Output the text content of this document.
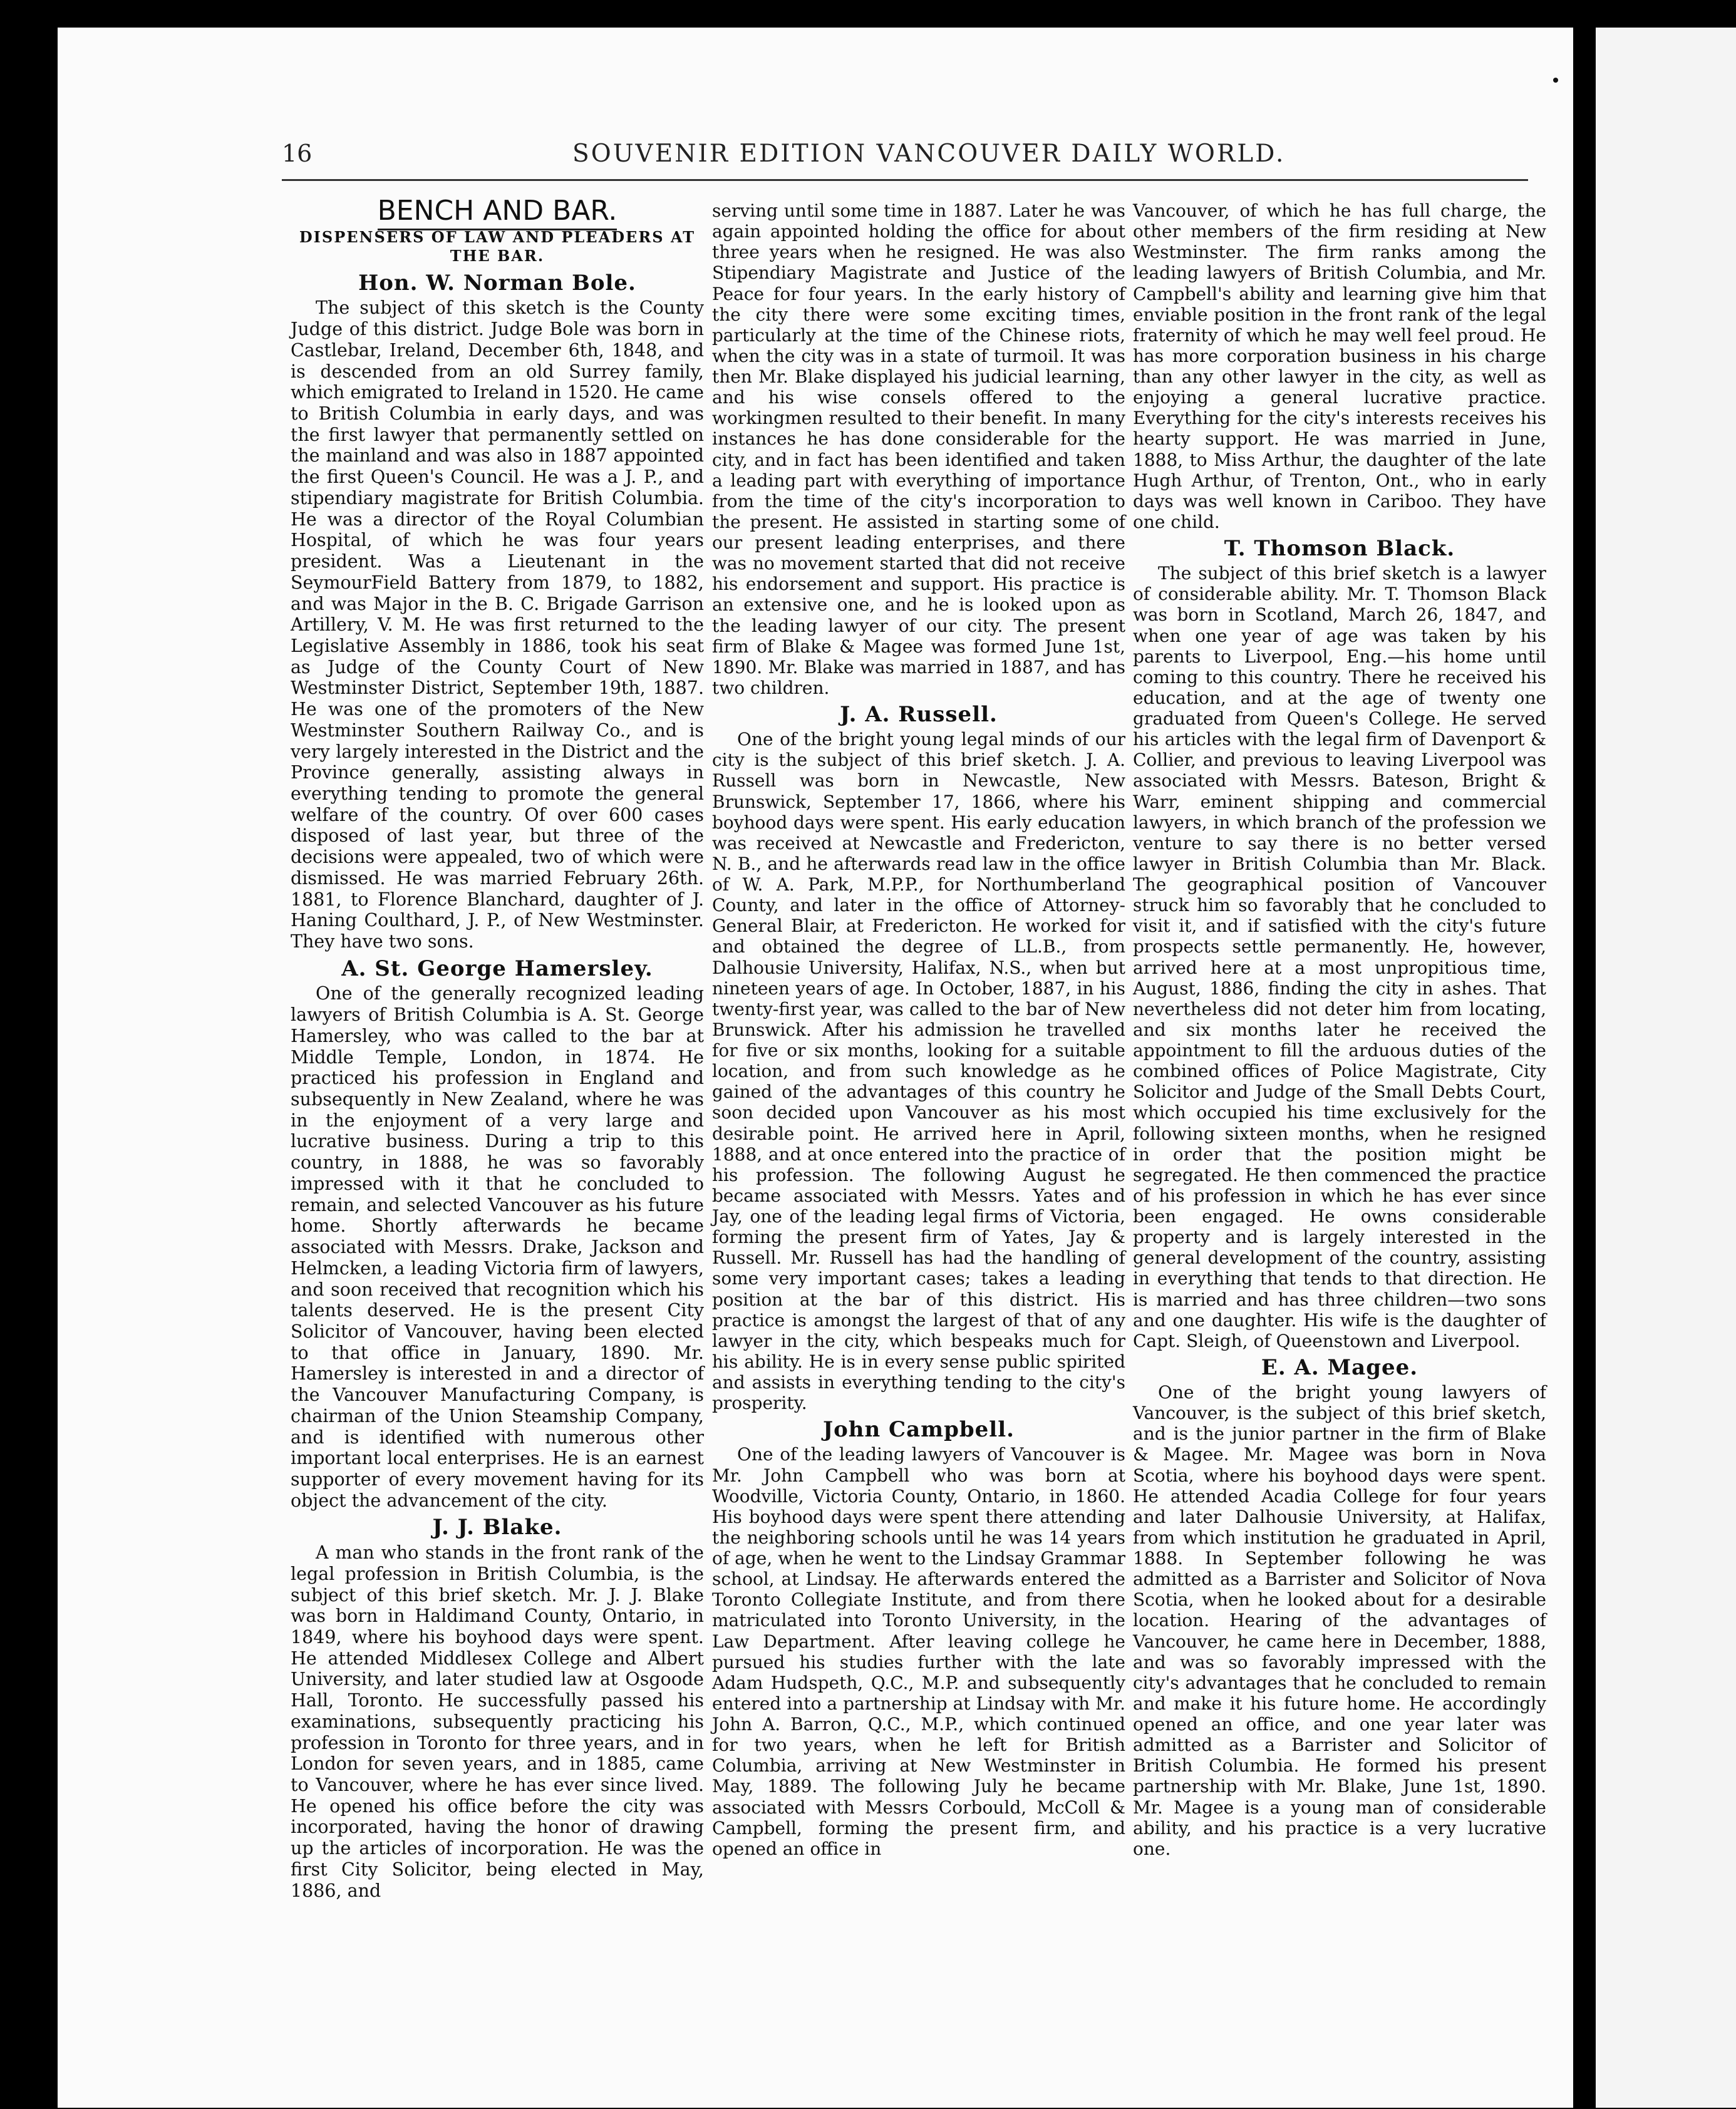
16	SOUVENIR EDITION VANCOUVER DAILY WORLD.
BENCH AND BAR.
DISPENSERS OF LAW AND PLEADERS AT THE BAR.
Hon. W. Norman Bole.

The subject of this sketch is the County Judge of this district. Judge Bole was born in Castlebar, Ireland, December 6th, 1848, and is descended from an old Surrey family, which emigrated to Ireland in 1520. He came to British Columbia in early days, and was the first lawyer that permanently settled on the mainland and was also in 1887 appointed the first Queen's Council. He was a J. P., and stipendiary magistrate for British Columbia. He was a director of the Royal Columbian Hospital, of which he was four years president. Was a Lieutenant in the SeymourField Battery from 1879, to 1882, and was Major in the B. C. Brigade Garrison Artillery, V. M. He was first returned to the Legislative Assembly in 1886, took his seat as Judge of the County Court of New Westminster District, September 19th, 1887. He was one of the promoters of the New Westminster Southern Railway Co., and is very largely interested in the District and the Province generally, assisting always in everything tending to promote the general welfare of the country. Of over 600 cases disposed of last year, but three of the decisions were appealed, two of which were dismissed. He was married February 26th. 1881, to Florence Blanchard, daughter of J. Haning Coulthard, J. P., of New Westminster. They have two sons.

A. St. George Hamersley.

One of the generally recognized leading lawyers of British Columbia is A. St. George Hamersley, who was called to the bar at Middle Temple, London, in 1874. He practiced his profession in England and subsequently in New Zealand, where he was in the enjoyment of a very large and lucrative business. During a trip to this country, in 1888, he was so favorably impressed with it that he concluded to remain, and selected Vancouver as his future home. Shortly afterwards he became associated with Messrs. Drake, Jackson and Helmcken, a leading Victoria firm of lawyers, and soon received that recognition which his talents deserved. He is the present City Solicitor of Vancouver, having been elected to that office in January, 1890. Mr. Hamersley is interested in and a director of the Vancouver Manufacturing Company, is chairman of the Union Steamship Company, and is identified with numerous other important local enterprises. He is an earnest supporter of every movement having for its object the advancement of the city.

J. J. Blake.

A man who stands in the front rank of the legal profession in British Columbia, is the subject of this brief sketch. Mr. J. J. Blake was born in Haldimand County, Ontario, in 1849, where his boyhood days were spent. He attended Middlesex College and Albert University, and later studied law at Osgoode Hall, Toronto. He successfully passed his examinations, subsequently practicing his profession in Toronto for three years, and in London for seven years, and in 1885, came to Vancouver, where he has ever since lived. He opened his office before the city was incorporated, having the honor of drawing up the articles of incorporation. He was the first City Solicitor, being elected in May, 1886, and

serving until some time in 1887. Later he was again appointed holding the office for about three years when he resigned. He was also Stipendiary Magistrate and Justice of the Peace for four years. In the early history of the city there were some exciting times, particularly at the time of the Chinese riots, when the city was in a state of turmoil. It was then Mr. Blake displayed his judicial learning, and his wise consels offered to the workingmen resulted to their benefit. In many instances he has done considerable for the city, and in fact has been identified and taken a leading part with everything of importance from the time of the city's incorporation to the present. He assisted in starting some of our present leading enterprises, and there was no movement started that did not receive his endorsement and support. His practice is an extensive one, and he is looked upon as the leading lawyer of our city. The present firm of Blake & Magee was formed June 1st, 1890. Mr. Blake was married in 1887, and has two children.

J. A. Russell.

One of the bright young legal minds of our city is the subject of this brief sketch. J. A. Russell was born in Newcastle, New Brunswick, September 17, 1866, where his boyhood days were spent. His early education was received at Newcastle and Fredericton, N. B., and he afterwards read law in the office of W. A. Park, M.P.P., for Northumberland County, and later in the office of Attorney-General Blair, at Fredericton. He worked for and obtained the degree of LL.B., from Dalhousie University, Halifax, N.S., when but nineteen years of age. In October, 1887, in his twenty-first year, was called to the bar of New Brunswick. After his admission he travelled for five or six months, looking for a suitable location, and from such knowledge as he gained of the advantages of this country he soon decided upon Vancouver as his most desirable point. He arrived here in April, 1888, and at once entered into the practice of his profession. The following August he became associated with Messrs. Yates and Jay, one of the leading legal firms of Victoria, forming the present firm of Yates, Jay & Russell. Mr. Russell has had the handling of some very important cases; takes a leading position at the bar of this district. His practice is amongst the largest of that of any lawyer in the city, which bespeaks much for his ability. He is in every sense public spirited and assists in everything tending to the city's prosperity.

John Campbell.

One of the leading lawyers of Vancouver is Mr. John Campbell who was born at Woodville, Victoria County, Ontario, in 1860. His boyhood days were spent there attending the neighboring schools until he was 14 years of age, when he went to the Lindsay Grammar school, at Lindsay. He afterwards entered the Toronto Collegiate Institute, and from there matriculated into Toronto University, in the Law Department. After leaving college he pursued his studies further with the late Adam Hudspeth, Q.C., M.P. and subsequently entered into a partnership at Lindsay with Mr. John A. Barron, Q.C., M.P., which continued for two years, when he left for British Columbia, arriving at New Westminster in May, 1889. The following July he became associated with Messrs Corbould, McColl & Campbell, forming the present firm, and opened an office in

Vancouver, of which he has full charge, the other members of the firm residing at New Westminster. The firm ranks among the leading lawyers of British Columbia, and Mr. Campbell's ability and learning give him that enviable position in the front rank of the legal fraternity of which he may well feel proud. He has more corporation business in his charge than any other lawyer in the city, as well as enjoying a general lucrative practice. Everything for the city's interests receives his hearty support. He was married in June, 1888, to Miss Arthur, the daughter of the late Hugh Arthur, of Trenton, Ont., who in early days was well known in Cariboo. They have one child.

T. Thomson Black.

The subject of this brief sketch is a lawyer of considerable ability. Mr. T. Thomson Black was born in Scotland, March 26, 1847, and when one year of age was taken by his parents to Liverpool, Eng.—his home until coming to this country. There he received his education, and at the age of twenty one graduated from Queen's College. He served his articles with the legal firm of Davenport & Collier, and previous to leaving Liverpool was associated with Messrs. Bateson, Bright & Warr, eminent shipping and commercial lawyers, in which branch of the profession we venture to say there is no better versed lawyer in British Columbia than Mr. Black. The geographical position of Vancouver struck him so favorably that he concluded to visit it, and if satisfied with the city's future prospects settle permanently. He, however, arrived here at a most unpropitious time, August, 1886, finding the city in ashes. That nevertheless did not deter him from locating, and six months later he received the appointment to fill the arduous duties of the combined offices of Police Magistrate, City Solicitor and Judge of the Small Debts Court, which occupied his time exclusively for the following sixteen months, when he resigned in order that the position might be segregated. He then commenced the practice of his profession in which he has ever since been engaged. He owns considerable property and is largely interested in the general development of the country, assisting in everything that tends to that direction. He is married and has three children—two sons and one daughter. His wife is the daughter of Capt. Sleigh, of Queenstown and Liverpool.

E. A. Magee.

One of the bright young lawyers of Vancouver, is the subject of this brief sketch, and is the junior partner in the firm of Blake & Magee. Mr. Magee was born in Nova Scotia, where his boyhood days were spent. He attended Acadia College for four years and later Dalhousie University, at Halifax, from which institution he graduated in April, 1888. In September following he was admitted as a Barrister and Solicitor of Nova Scotia, when he looked about for a desirable location. Hearing of the advantages of Vancouver, he came here in December, 1888, and was so favorably impressed with the city's advantages that he concluded to remain and make it his future home. He accordingly opened an office, and one year later was admitted as a Barrister and Solicitor of British Columbia. He formed his present partnership with Mr. Blake, June 1st, 1890. Mr. Magee is a young man of considerable ability, and his practice is a very lucrative one.
